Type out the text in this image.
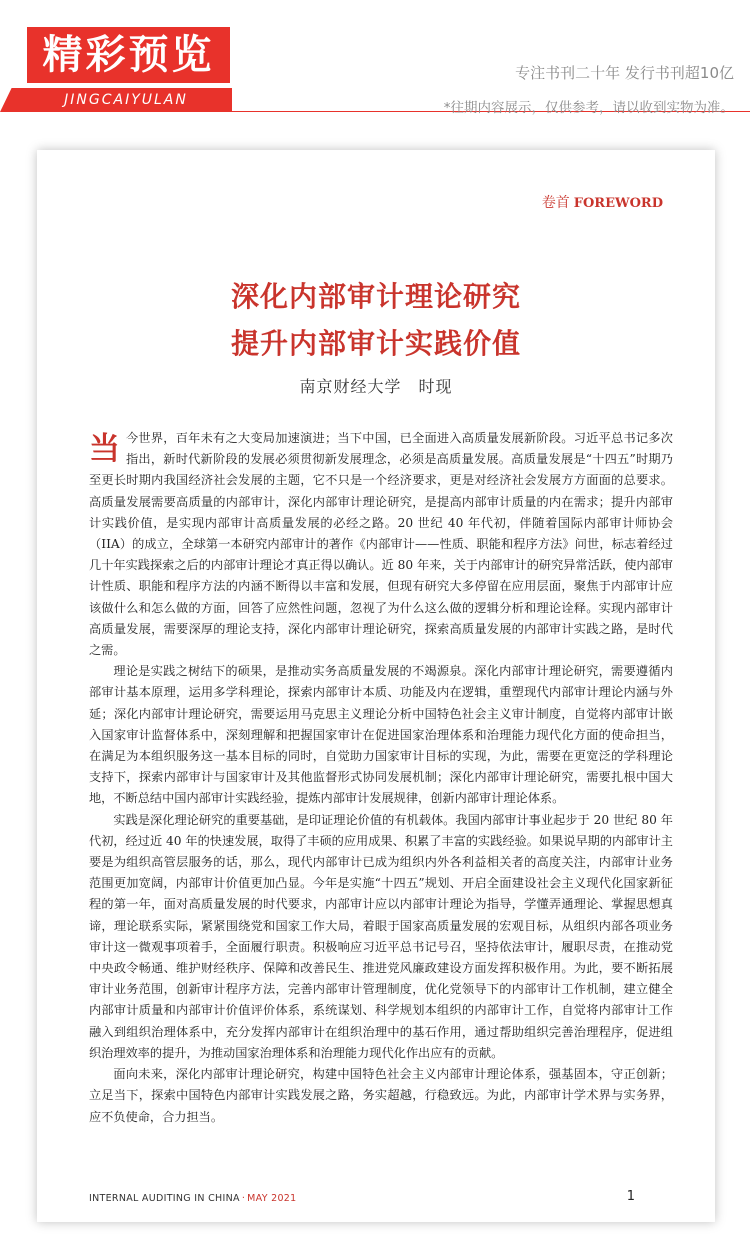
精彩预览
JINGCAIYULAN
专注书刊二十年 发行书刊超10亿
*往期内容展示，仅供参考，请以收到实物为准。
卷首 FOREWORD
深化内部审计理论研究
提升内部审计实践价值
南京财经大学　时现

当今世界，百年未有之大变局加速演进；当下中国，已全面进入高质量发展新阶段。习近平总书记多次指出，新时代新阶段的发展必须贯彻新发展理念，必须是高质量发展。高质量发展是“十四五”时期乃至更长时期内我国经济社会发展的主题，它不只是一个经济要求，更是对经济社会发展方方面面的总要求。高质量发展需要高质量的内部审计，深化内部审计理论研究，是提高内部审计质量的内在需求；提升内部审计实践价值，是实现内部审计高质量发展的必经之路。20 世纪 40 年代初，伴随着国际内部审计师协会（IIA）的成立，全球第一本研究内部审计的著作《内部审计——性质、职能和程序方法》问世，标志着经过几十年实践探索之后的内部审计理论才真正得以确认。近 80 年来，关于内部审计的研究异常活跃，使内部审计性质、职能和程序方法的内涵不断得以丰富和发展，但现有研究大多停留在应用层面，聚焦于内部审计应该做什么和怎么做的方面，回答了应然性问题，忽视了为什么这么做的逻辑分析和理论诠释。实现内部审计高质量发展，需要深厚的理论支持，深化内部审计理论研究，探索高质量发展的内部审计实践之路，是时代之需。

理论是实践之树结下的硕果，是推动实务高质量发展的不竭源泉。深化内部审计理论研究，需要遵循内部审计基本原理，运用多学科理论，探索内部审计本质、功能及内在逻辑，重塑现代内部审计理论内涵与外延；深化内部审计理论研究，需要运用马克思主义理论分析中国特色社会主义审计制度，自觉将内部审计嵌入国家审计监督体系中，深刻理解和把握国家审计在促进国家治理体系和治理能力现代化方面的使命担当，在满足为本组织服务这一基本目标的同时，自觉助力国家审计目标的实现，为此，需要在更宽泛的学科理论支持下，探索内部审计与国家审计及其他监督形式协同发展机制；深化内部审计理论研究，需要扎根中国大地，不断总结中国内部审计实践经验，提炼内部审计发展规律，创新内部审计理论体系。

实践是深化理论研究的重要基础，是印证理论价值的有机载体。我国内部审计事业起步于 20 世纪 80 年代初，经过近 40 年的快速发展，取得了丰硕的应用成果、积累了丰富的实践经验。如果说早期的内部审计主要是为组织高管层服务的话，那么，现代内部审计已成为组织内外各利益相关者的高度关注，内部审计业务范围更加宽阔，内部审计价值更加凸显。今年是实施“十四五”规划、开启全面建设社会主义现代化国家新征程的第一年，面对高质量发展的时代要求，内部审计应以内部审计理论为指导，学懂弄通理论、掌握思想真谛，理论联系实际，紧紧围绕党和国家工作大局，着眼于国家高质量发展的宏观目标，从组织内部各项业务审计这一微观事项着手，全面履行职责。积极响应习近平总书记号召，坚持依法审计，履职尽责，在推动党中央政令畅通、维护财经秩序、保障和改善民生、推进党风廉政建设方面发挥积极作用。为此，要不断拓展审计业务范围，创新审计程序方法，完善内部审计管理制度，优化党领导下的内部审计工作机制，建立健全内部审计质量和内部审计价值评价体系，系统谋划、科学规划本组织的内部审计工作，自觉将内部审计工作融入到组织治理体系中，充分发挥内部审计在组织治理中的基石作用，通过帮助组织完善治理程序，促进组织治理效率的提升，为推动国家治理体系和治理能力现代化作出应有的贡献。

面向未来，深化内部审计理论研究，构建中国特色社会主义内部审计理论体系，强基固本，守正创新；立足当下，探索中国特色内部审计实践发展之路，务实超越，行稳致远。为此，内部审计学术界与实务界，应不负使命，合力担当。

INTERNAL AUDITING IN CHINA · MAY 2021	1
